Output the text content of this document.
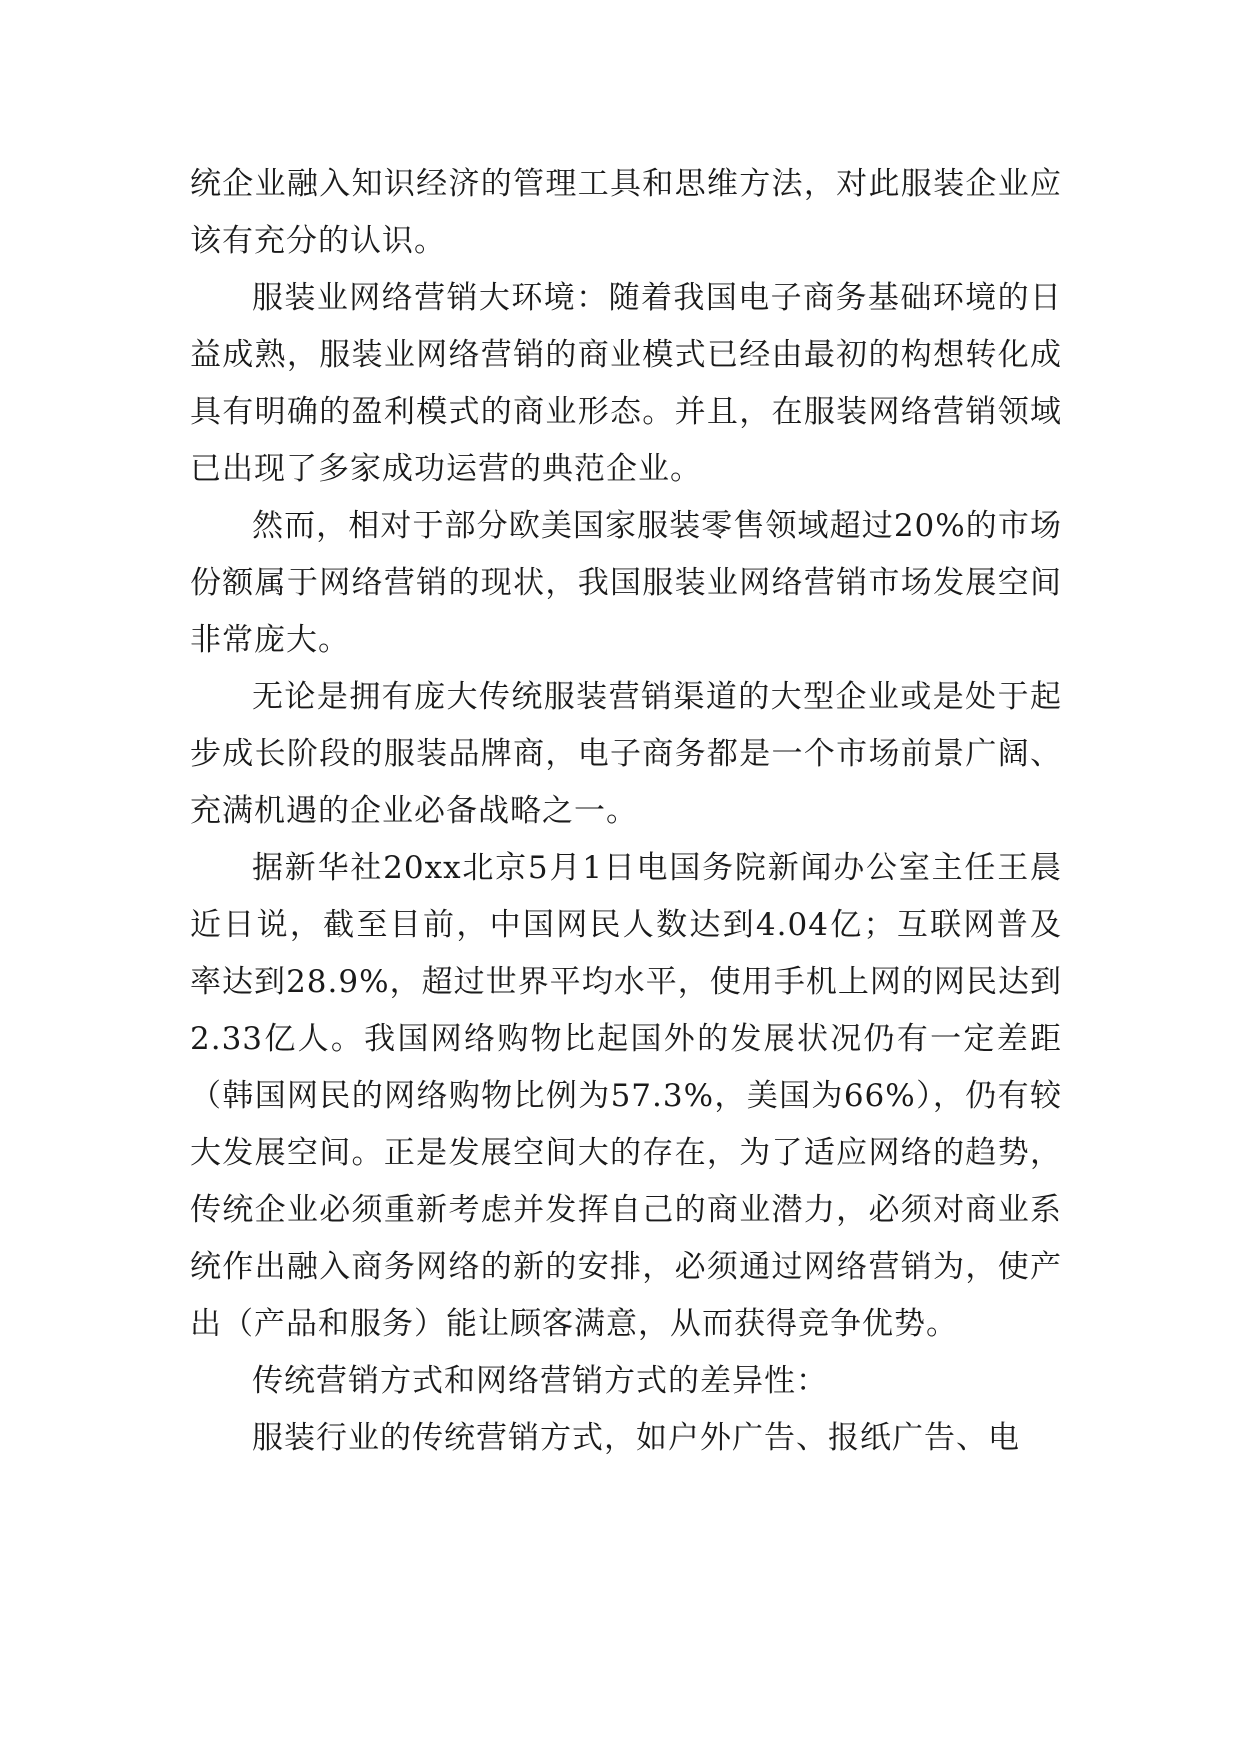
统企业融入知识经济的管理工具和思维方法，对此服装企业应该有充分的认识。

服装业网络营销大环境：随着我国电子商务基础环境的日益成熟，服装业网络营销的商业模式已经由最初的构想转化成具有明确的盈利模式的商业形态。并且，在服装网络营销领域已出现了多家成功运营的典范企业。

然而，相对于部分欧美国家服装零售领域超过20%的市场份额属于网络营销的现状，我国服装业网络营销市场发展空间非常庞大。

无论是拥有庞大传统服装营销渠道的大型企业或是处于起步成长阶段的服装品牌商，电子商务都是一个市场前景广阔、充满机遇的企业必备战略之一。

据新华社20xx北京5月1日电国务院新闻办公室主任王晨近日说，截至目前，中国网民人数达到4.04亿；互联网普及率达到28.9%，超过世界平均水平，使用手机上网的网民达到2.33亿人。我国网络购物比起国外的发展状况仍有一定差距（韩国网民的网络购物比例为57.3%，美国为66%），仍有较大发展空间。正是发展空间大的存在，为了适应网络的趋势，传统企业必须重新考虑并发挥自己的商业潜力，必须对商业系统作出融入商务网络的新的安排，必须通过网络营销为，使产出（产品和服务）能让顾客满意，从而获得竞争优势。

传统营销方式和网络营销方式的差异性：

服装行业的传统营销方式，如户外广告、报纸广告、电
